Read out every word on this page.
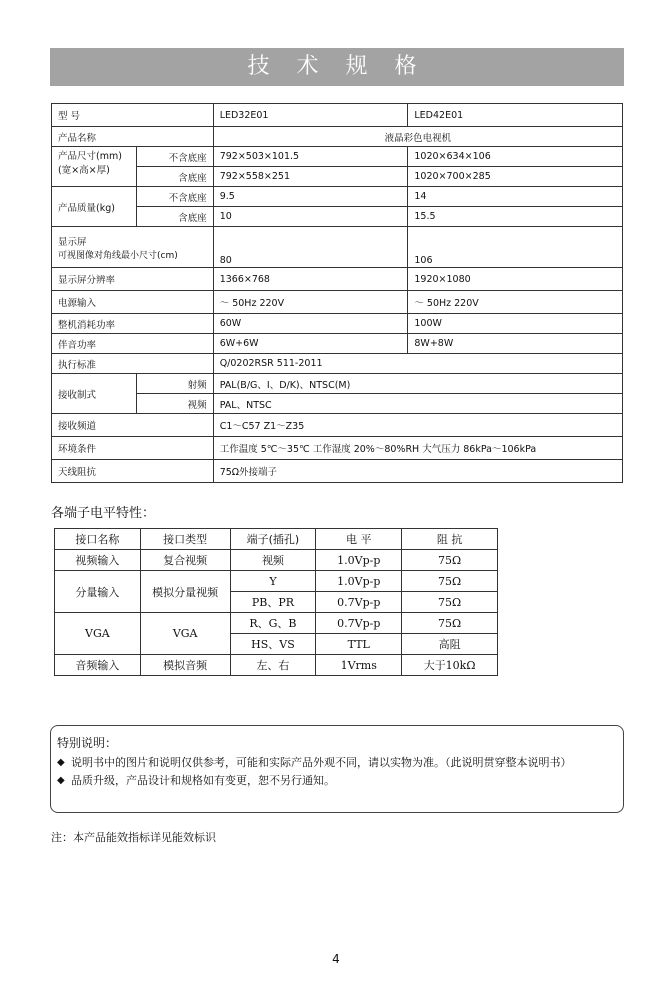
技 术 规 格
型 号		LED32E01	LED42E01
产品名称		液晶彩色电视机	

产品尺寸(mm)
(宽×高×厚)	不含底座	792×503×101.5	1020×634×106
	含底座	792×558×251	1020×700×285
产品质量(kg)	不含底座	9.5	14
	含底座	10	15.5

显示屏
可视图像对角线最小尺寸(cm)		80	106
显示屏分辨率		1366×768	1920×1080
电源输入		～ 50Hz 220V	～ 50Hz 220V
整机消耗功率		60W	100W
伴音功率		6W+6W	8W+8W
执行标准		Q/0202RSR 511-2011	
接收制式	射频	PAL(B/G、I、D/K)、NTSC(M)	
	视频	PAL、NTSC	
接收频道		C1～C57 Z1～Z35	
环境条件		工作温度 5℃～35℃ 工作湿度 20%～80%RH 大气压力 86kPa～106kPa	
天线阻抗		75Ω外接端子	
各端子电平特性：
接口名称	接口类型	端子(插孔)	电 平	阻 抗
视频输入	复合视频	视频	1.0Vp-p	75Ω
分量输入	模拟分量视频	Y	1.0Vp-p	75Ω
		PB、PR	0.7Vp-p	75Ω
VGA	VGA	R、G、B	0.7Vp-p	75Ω
		HS、VS	TTL	高阻
音频输入	模拟音频	左、右	1Vrms	大于10kΩ
特别说明：
◆ 说明书中的图片和说明仅供参考，可能和实际产品外观不同，请以实物为准。（此说明贯穿整本说明书）
◆ 品质升级，产品设计和规格如有变更，恕不另行通知。
注：本产品能效指标详见能效标识
4
